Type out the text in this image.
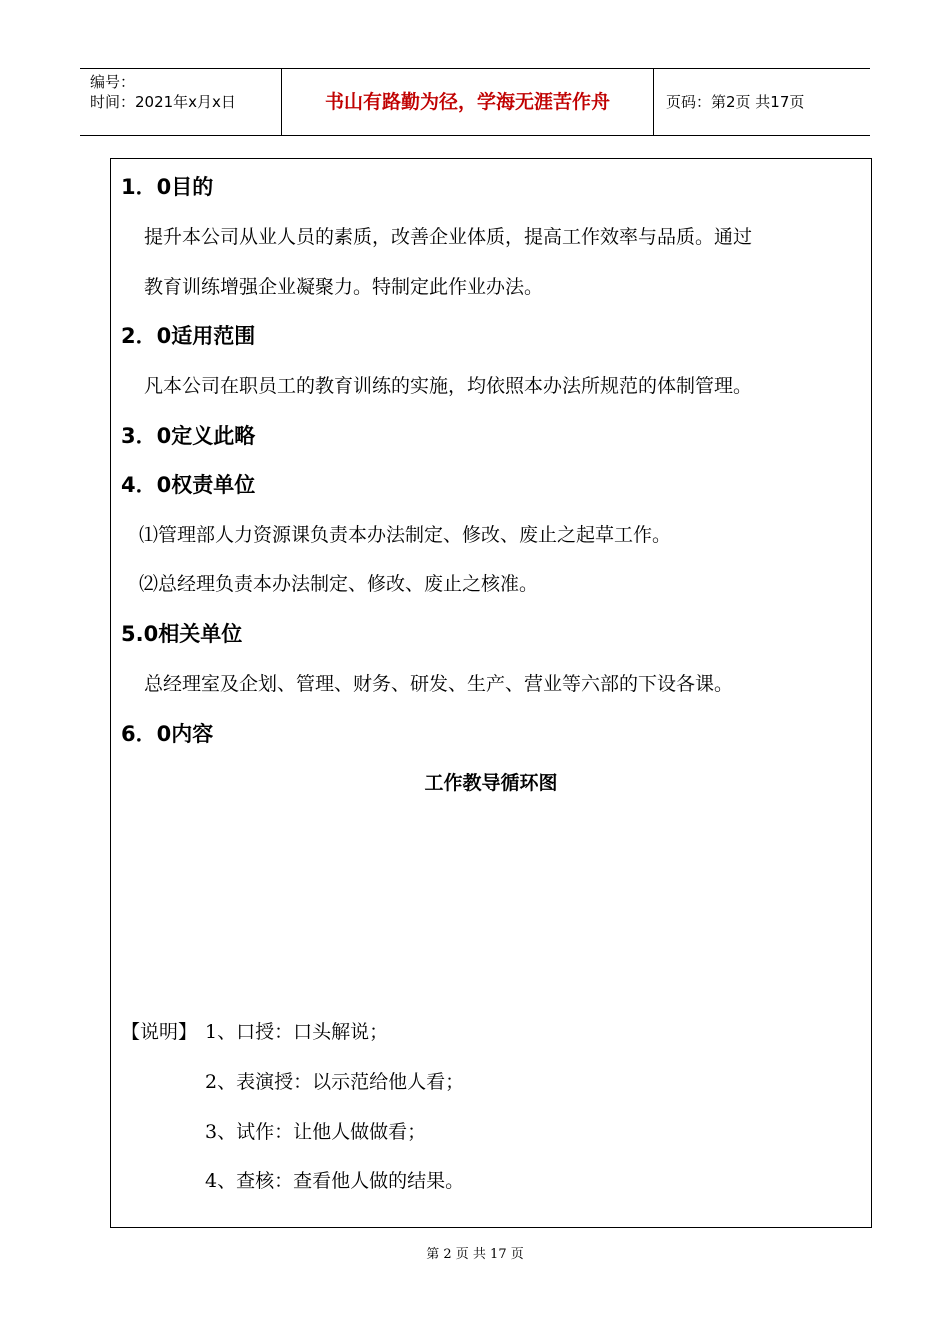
编号：
时间：2021年x月x日	书山有路勤为径，学海无涯苦作舟	页码：第2页 共17页
1．0目的
提升本公司从业人员的素质，改善企业体质，提高工作效率与品质。通过
教育训练增强企业凝聚力。特制定此作业办法。
2．0适用范围
凡本公司在职员工的教育训练的实施，均依照本办法所规范的体制管理。
3．0定义此略
4．0权责单位
⑴管理部人力资源课负责本办法制定、修改、废止之起草工作。
⑵总经理负责本办法制定、修改、废止之核准。
5.0相关单位
总经理室及企划、管理、财务、研发、生产、营业等六部的下设各课。
6．0内容
工作教导循环图
【说明】 1、口授：口头解说；
2、表演授：以示范给他人看；
3、试作：让他人做做看；
4、查核：查看他人做的结果。
第 2 页 共 17 页
